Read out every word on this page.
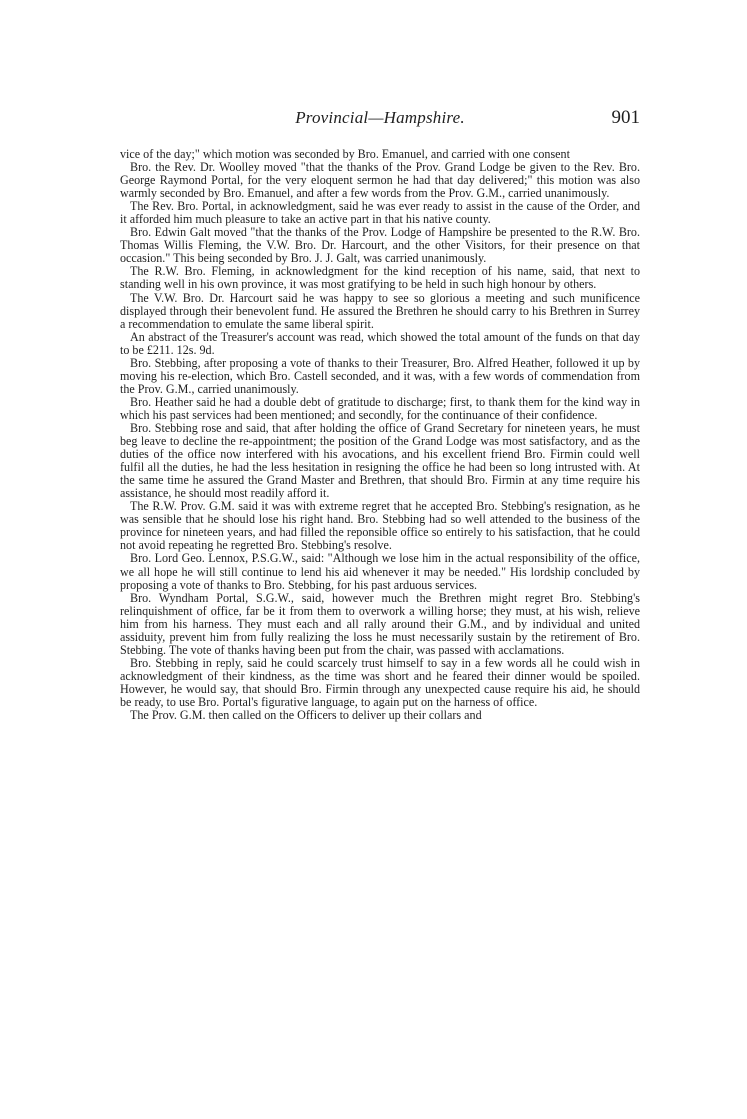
Provincial—Hampshire.	901

vice of the day;" which motion was seconded by Bro. Emanuel, and carried with one consent

Bro. the Rev. Dr. Woolley moved "that the thanks of the Prov. Grand Lodge be given to the Rev. Bro. George Raymond Portal, for the very eloquent sermon he had that day delivered;" this motion was also warmly seconded by Bro. Emanuel, and after a few words from the Prov. G.M., carried unanimously.

The Rev. Bro. Portal, in acknowledgment, said he was ever ready to assist in the cause of the Order, and it afforded him much pleasure to take an active part in that his native county.

Bro. Edwin Galt moved "that the thanks of the Prov. Lodge of Hampshire be presented to the R.W. Bro. Thomas Willis Fleming, the V.W. Bro. Dr. Harcourt, and the other Visitors, for their presence on that occasion." This being seconded by Bro. J. J. Galt, was carried unanimously.

The R.W. Bro. Fleming, in acknowledgment for the kind reception of his name, said, that next to standing well in his own province, it was most gratifying to be held in such high honour by others.

The V.W. Bro. Dr. Harcourt said he was happy to see so glorious a meeting and such munificence displayed through their benevolent fund. He assured the Brethren he should carry to his Brethren in Surrey a recommendation to emulate the same liberal spirit.

An abstract of the Treasurer's account was read, which showed the total amount of the funds on that day to be £211. 12s. 9d.

Bro. Stebbing, after proposing a vote of thanks to their Treasurer, Bro. Alfred Heather, followed it up by moving his re-election, which Bro. Castell seconded, and it was, with a few words of commendation from the Prov. G.M., carried unanimously.

Bro. Heather said he had a double debt of gratitude to discharge; first, to thank them for the kind way in which his past services had been mentioned; and secondly, for the continuance of their confidence.

Bro. Stebbing rose and said, that after holding the office of Grand Secretary for nineteen years, he must beg leave to decline the re-appointment; the position of the Grand Lodge was most satisfactory, and as the duties of the office now interfered with his avocations, and his excellent friend Bro. Firmin could well fulfil all the duties, he had the less hesitation in resigning the office he had been so long intrusted with. At the same time he assured the Grand Master and Brethren, that should Bro. Firmin at any time require his assistance, he should most readily afford it.

The R.W. Prov. G.M. said it was with extreme regret that he accepted Bro. Stebbing's resignation, as he was sensible that he should lose his right hand. Bro. Stebbing had so well attended to the business of the province for nineteen years, and had filled the reponsible office so entirely to his satisfaction, that he could not avoid repeating he regretted Bro. Stebbing's resolve.

Bro. Lord Geo. Lennox, P.S.G.W., said: "Although we lose him in the actual responsibility of the office, we all hope he will still continue to lend his aid whenever it may be needed." His lordship concluded by proposing a vote of thanks to Bro. Stebbing, for his past arduous services.

Bro. Wyndham Portal, S.G.W., said, however much the Brethren might regret Bro. Stebbing's relinquishment of office, far be it from them to overwork a willing horse; they must, at his wish, relieve him from his harness. They must each and all rally around their G.M., and by individual and united assiduity, prevent him from fully realizing the loss he must necessarily sustain by the retirement of Bro. Stebbing. The vote of thanks having been put from the chair, was passed with acclamations.

Bro. Stebbing in reply, said he could scarcely trust himself to say in a few words all he could wish in acknowledgment of their kindness, as the time was short and he feared their dinner would be spoiled. However, he would say, that should Bro. Firmin through any unexpected cause require his aid, he should be ready, to use Bro. Portal's figurative language, to again put on the harness of office.

The Prov. G.M. then called on the Officers to deliver up their collars and
